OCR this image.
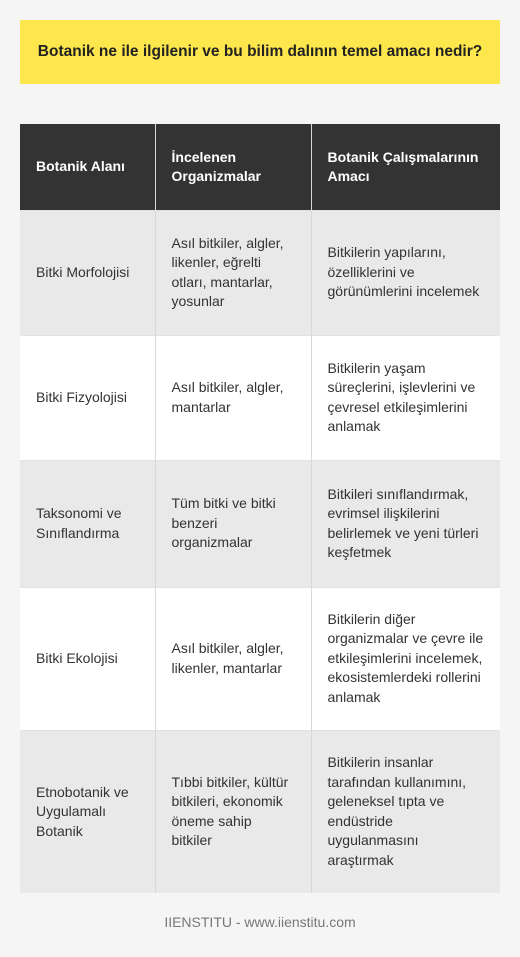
Botanik ne ile ilgilenir ve bu bilim dalının temel amacı nedir?
Botanik Alanı	İncelenen Organizmalar	Botanik Çalışmalarının Amacı
Bitki Morfolojisi	Asıl bitkiler, algler, likenler, eğrelti otları, mantarlar, yosunlar	Bitkilerin yapılarını, özelliklerini ve görünümlerini incelemek
Bitki Fizyolojisi	Asıl bitkiler, algler, mantarlar	Bitkilerin yaşam süreçlerini, işlevlerini ve çevresel etkileşimlerini anlamak
Taksonomi ve Sınıflandırma	Tüm bitki ve bitki benzeri organizmalar	Bitkileri sınıflandırmak, evrimsel ilişkilerini belirlemek ve yeni türleri keşfetmek
Bitki Ekolojisi	Asıl bitkiler, algler, likenler, mantarlar	Bitkilerin diğer organizmalar ve çevre ile etkileşimlerini incelemek, ekosistemlerdeki rollerini anlamak
Etnobotanik ve Uygulamalı Botanik	Tıbbi bitkiler, kültür bitkileri, ekonomik öneme sahip bitkiler	Bitkilerin insanlar tarafından kullanımını, geleneksel tıpta ve endüstride uygulanmasını araştırmak
IIENSTITU - www.iienstitu.com
